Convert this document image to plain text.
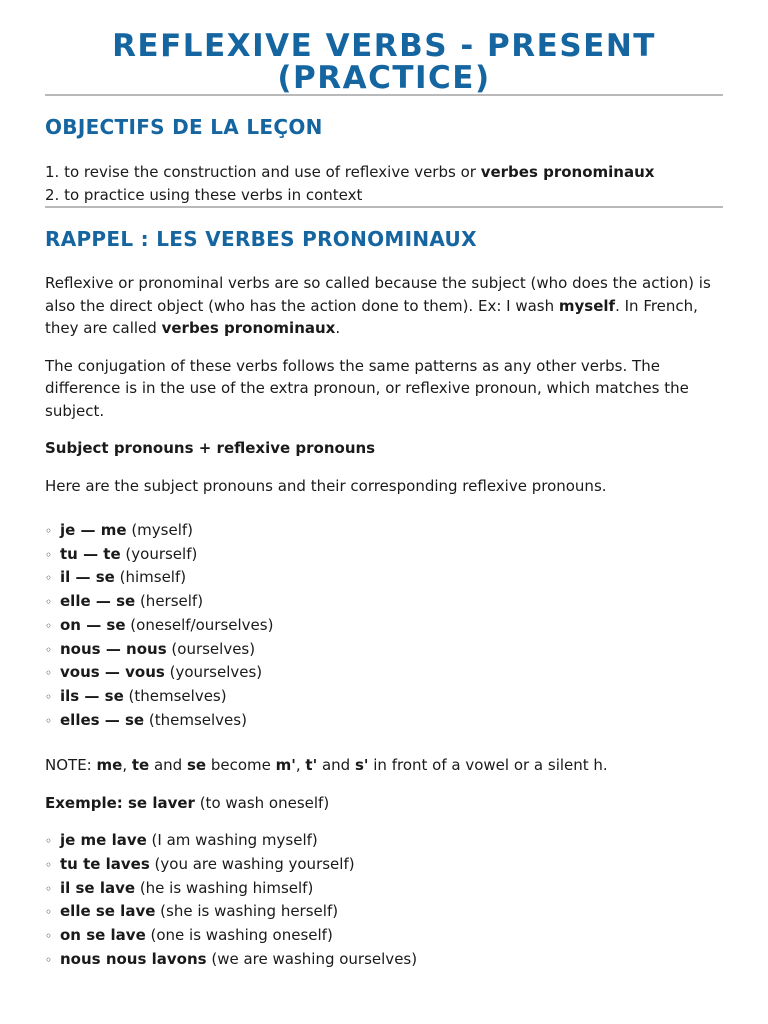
REFLEXIVE VERBS - PRESENT
(PRACTICE)
OBJECTIFS DE LA LEÇON

1. to revise the construction and use of reflexive verbs or verbes pronominaux

2. to practice using these verbs in context

RAPPEL : LES VERBES PRONOMINAUX

Reflexive or pronominal verbs are so called because the subject (who does the action) is also the direct object (who has the action done to them). Ex: I wash myself. In French, they are called verbes pronominaux.

The conjugation of these verbs follows the same patterns as any other verbs. The difference is in the use of the extra pronoun, or reflexive pronoun, which matches the subject.

Subject pronouns + reflexive pronouns

Here are the subject pronouns and their corresponding reflexive pronouns.

◦ je — me (myself)
◦ tu — te (yourself)
◦ il — se (himself)
◦ elle — se (herself)
◦ on — se (oneself/ourselves)
◦ nous — nous (ourselves)
◦ vous — vous (yourselves)
◦ ils — se (themselves)
◦ elles — se (themselves)

NOTE: me, te and se become m', t' and s' in front of a vowel or a silent h.

Exemple: se laver (to wash oneself)

◦ je me lave (I am washing myself)
◦ tu te laves (you are washing yourself)
◦ il se lave (he is washing himself)
◦ elle se lave (she is washing herself)
◦ on se lave (one is washing oneself)
◦ nous nous lavons (we are washing ourselves)
